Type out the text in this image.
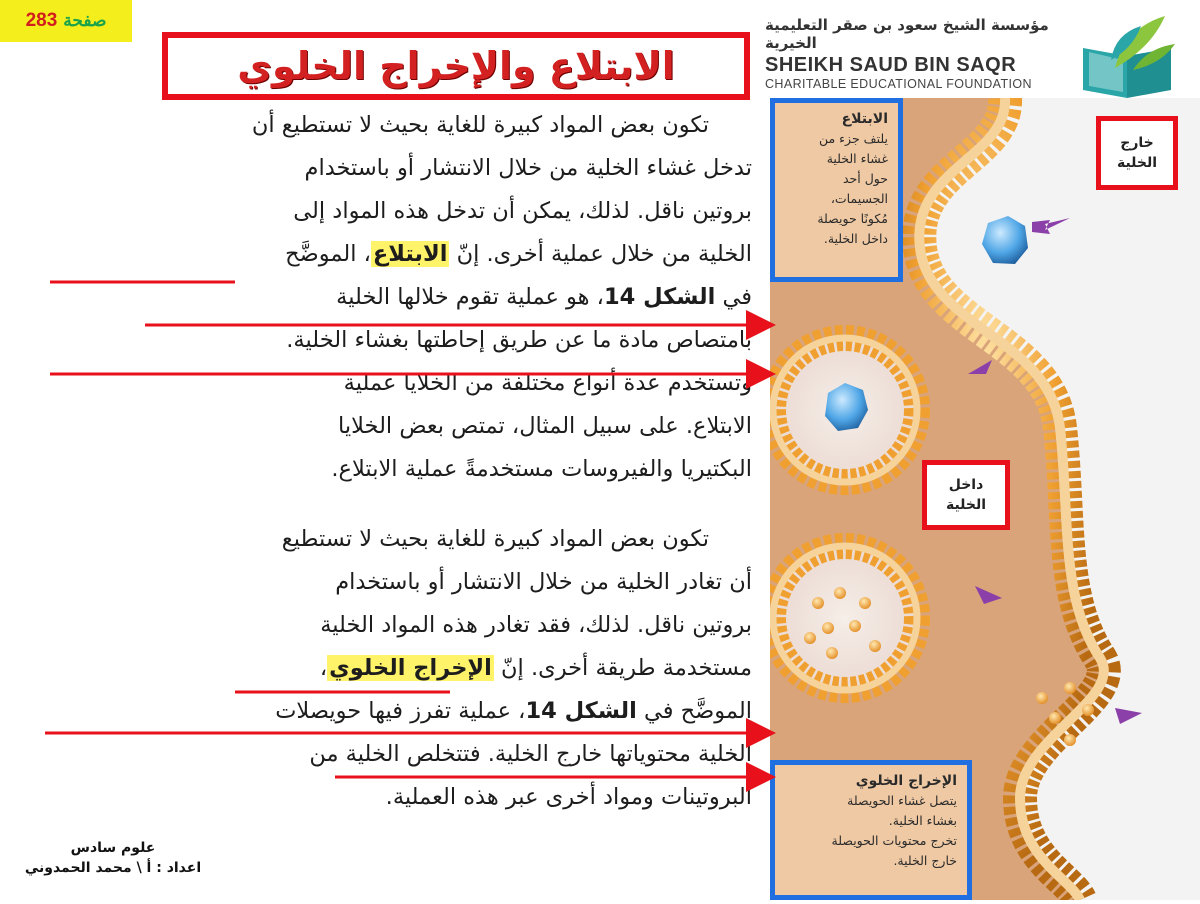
صفحة
283	مؤسسة الشيخ سعود بن صقر التعليمية الخيرية
SHEIKH SAUD BIN SAQR
CHARITABLE EDUCATIONAL FOUNDATION
الابتلاع والإخراج الخلوي
تكون بعض المواد كبيرة للغاية بحيث لا تستطيع أن
تدخل غشاء الخلية من خلال الانتشار أو باستخدام
بروتين ناقل. لذلك، يمكن أن تدخل هذه المواد إلى
الخلية من خلال عملية أخرى. إنّ الابتلاع، الموضَّح
في الشكل 14، هو عملية تقوم خلالها الخلية
بامتصاص مادة ما عن طريق إحاطتها بغشاء الخلية.
وتستخدم عدة أنواع مختلفة من الخلايا عملية
الابتلاع. على سبيل المثال، تمتص بعض الخلايا
البكتيريا والفيروسات مستخدمةً عملية الابتلاع.
تكون بعض المواد كبيرة للغاية بحيث لا تستطيع
أن تغادر الخلية من خلال الانتشار أو باستخدام
بروتين ناقل. لذلك، فقد تغادر هذه المواد الخلية
مستخدمة طريقة أخرى. إنّ الإخراج الخلوي،
الموضَّح في الشكل 14، عملية تفرز فيها حويصلات
الخلية محتوياتها خارج الخلية. فتتخلص الخلية من
البروتينات ومواد أخرى عبر هذه العملية.
الابتلاع
يلتف جزء من
غشاء الخلية
حول أحد
الجسيمات،
مُكونًا حويصلة
داخل الخلية.
الإخراج الخلوي
يتصل غشاء الحويصلة
بغشاء الخلية.
تخرج محتويات الحويصلة
خارج الخلية.
خارج
الخلية
داخل
الخلية
علوم سادس
اعداد : أ \ محمد الحمدوني
